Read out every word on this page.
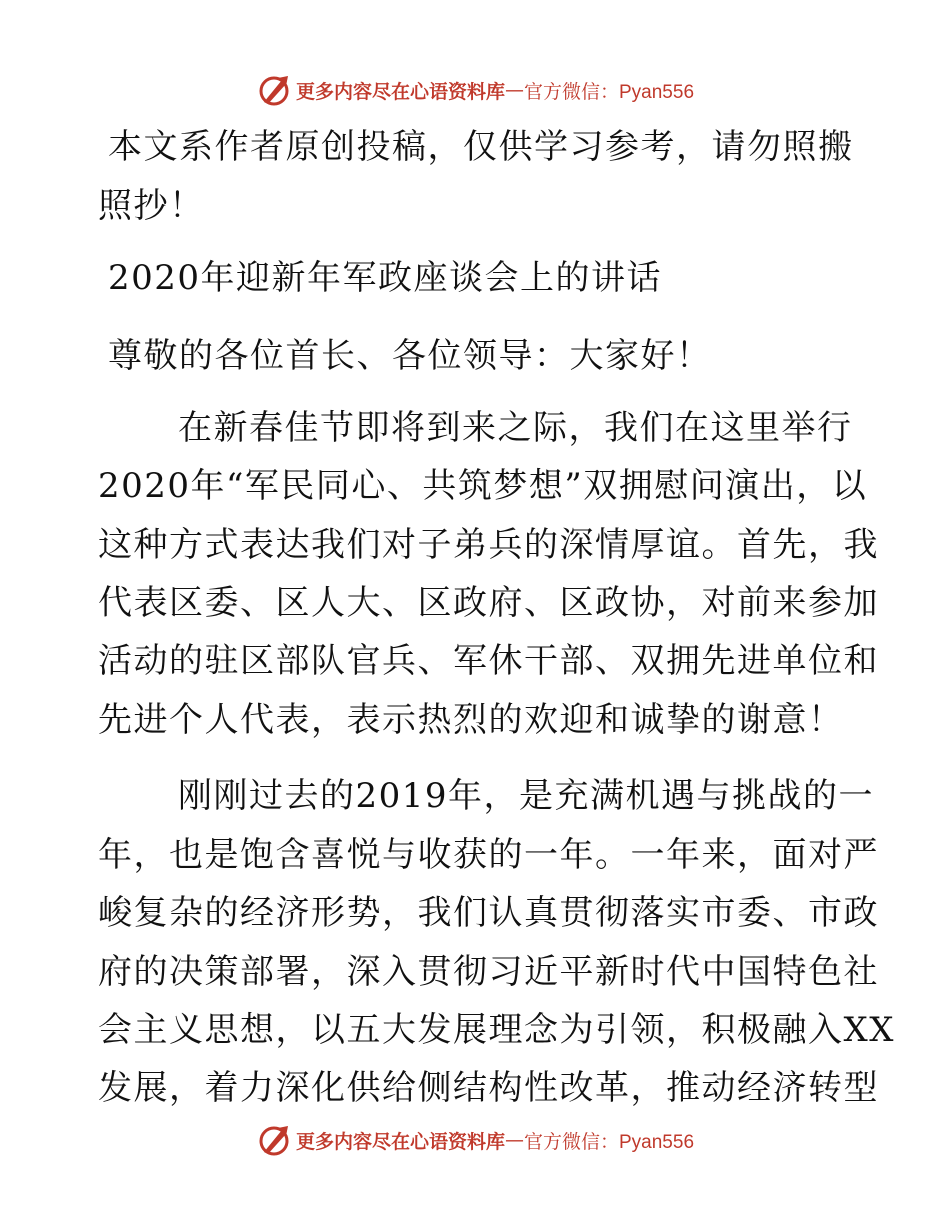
更多内容尽在心语资料库 — 官方微信：Pyan556
本文系作者原创投稿，仅供学习参考，请勿照搬
照抄！
2020年迎新年军政座谈会上的讲话
尊敬的各位首长、各位领导：大家好！
在新春佳节即将到来之际，我们在这里举行
2020年“军民同心、共筑梦想”双拥慰问演出，以
这种方式表达我们对子弟兵的深情厚谊。首先，我
代表区委、区人大、区政府、区政协，对前来参加
活动的驻区部队官兵、军休干部、双拥先进单位和
先进个人代表，表示热烈的欢迎和诚挚的谢意！
刚刚过去的2019年，是充满机遇与挑战的一
年，也是饱含喜悦与收获的一年。一年来，面对严
峻复杂的经济形势，我们认真贯彻落实市委、市政
府的决策部署，深入贯彻习近平新时代中国特色社
会主义思想，以五大发展理念为引领，积极融入XX
发展，着力深化供给侧结构性改革，推动经济转型
更多内容尽在心语资料库 — 官方微信：Pyan556
